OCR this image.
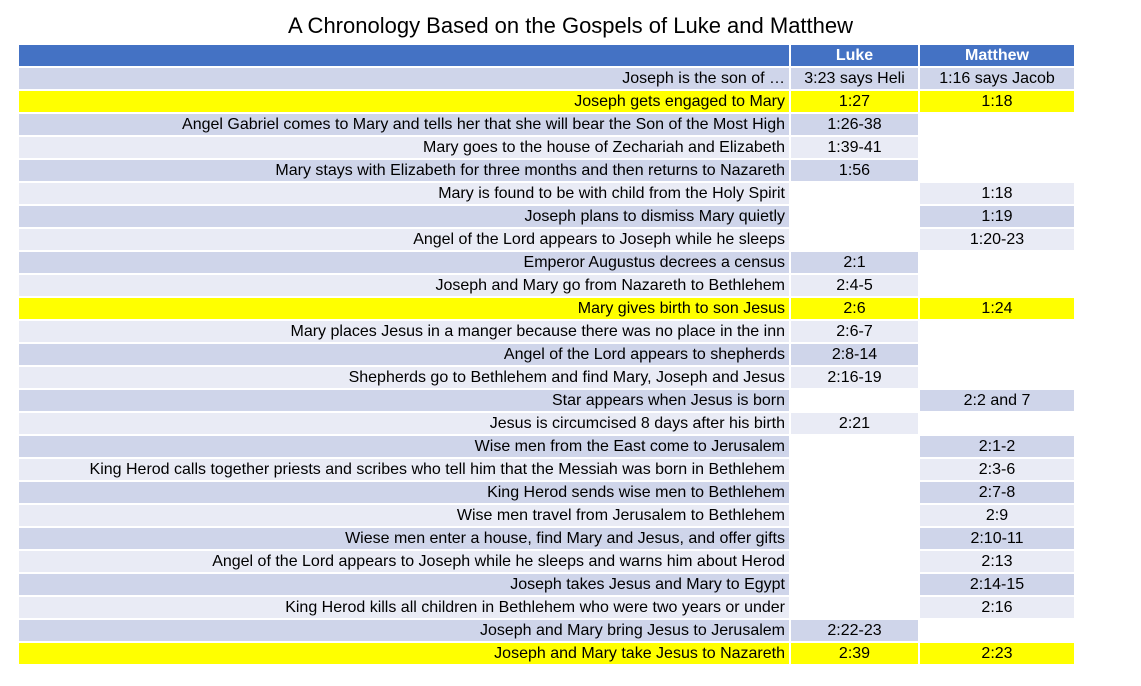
A Chronology Based on the Gospels of Luke and Matthew
	Luke	Matthew
Joseph is the son of …	3:23 says Heli	1:16 says Jacob
Joseph gets engaged to Mary	1:27	1:18
Angel Gabriel comes to Mary and tells her that she will bear the Son of the Most High	1:26-38	
Mary goes to the house of Zechariah and Elizabeth	1:39-41	
Mary stays with Elizabeth for three months and then returns to Nazareth	1:56	
Mary is found to be with child from the Holy Spirit		1:18
Joseph plans to dismiss Mary quietly		1:19
Angel of the Lord appears to Joseph while he sleeps		1:20-23
Emperor Augustus decrees a census	2:1	
Joseph and Mary go from Nazareth to Bethlehem	2:4-5	
Mary gives birth to son Jesus	2:6	1:24
Mary places Jesus in a manger because there was no place in the inn	2:6-7	
Angel of the Lord appears to shepherds	2:8-14	
Shepherds go to Bethlehem and find Mary, Joseph and Jesus	2:16-19	
Star appears when Jesus is born		2:2 and 7
Jesus is circumcised 8 days after his birth	2:21	
Wise men from the East come to Jerusalem		2:1-2
King Herod calls together priests and scribes who tell him that the Messiah was born in Bethlehem		2:3-6
King Herod sends wise men to Bethlehem		2:7-8
Wise men travel from Jerusalem to Bethlehem		2:9
Wiese men enter a house, find Mary and Jesus, and offer gifts		2:10-11
Angel of the Lord appears to Joseph while he sleeps and warns him about Herod		2:13
Joseph takes Jesus and Mary to Egypt		2:14-15
King Herod kills all children in Bethlehem who were two years or under		2:16
Joseph and Mary bring Jesus to Jerusalem	2:22-23	
Joseph and Mary take Jesus to Nazareth	2:39	2:23
